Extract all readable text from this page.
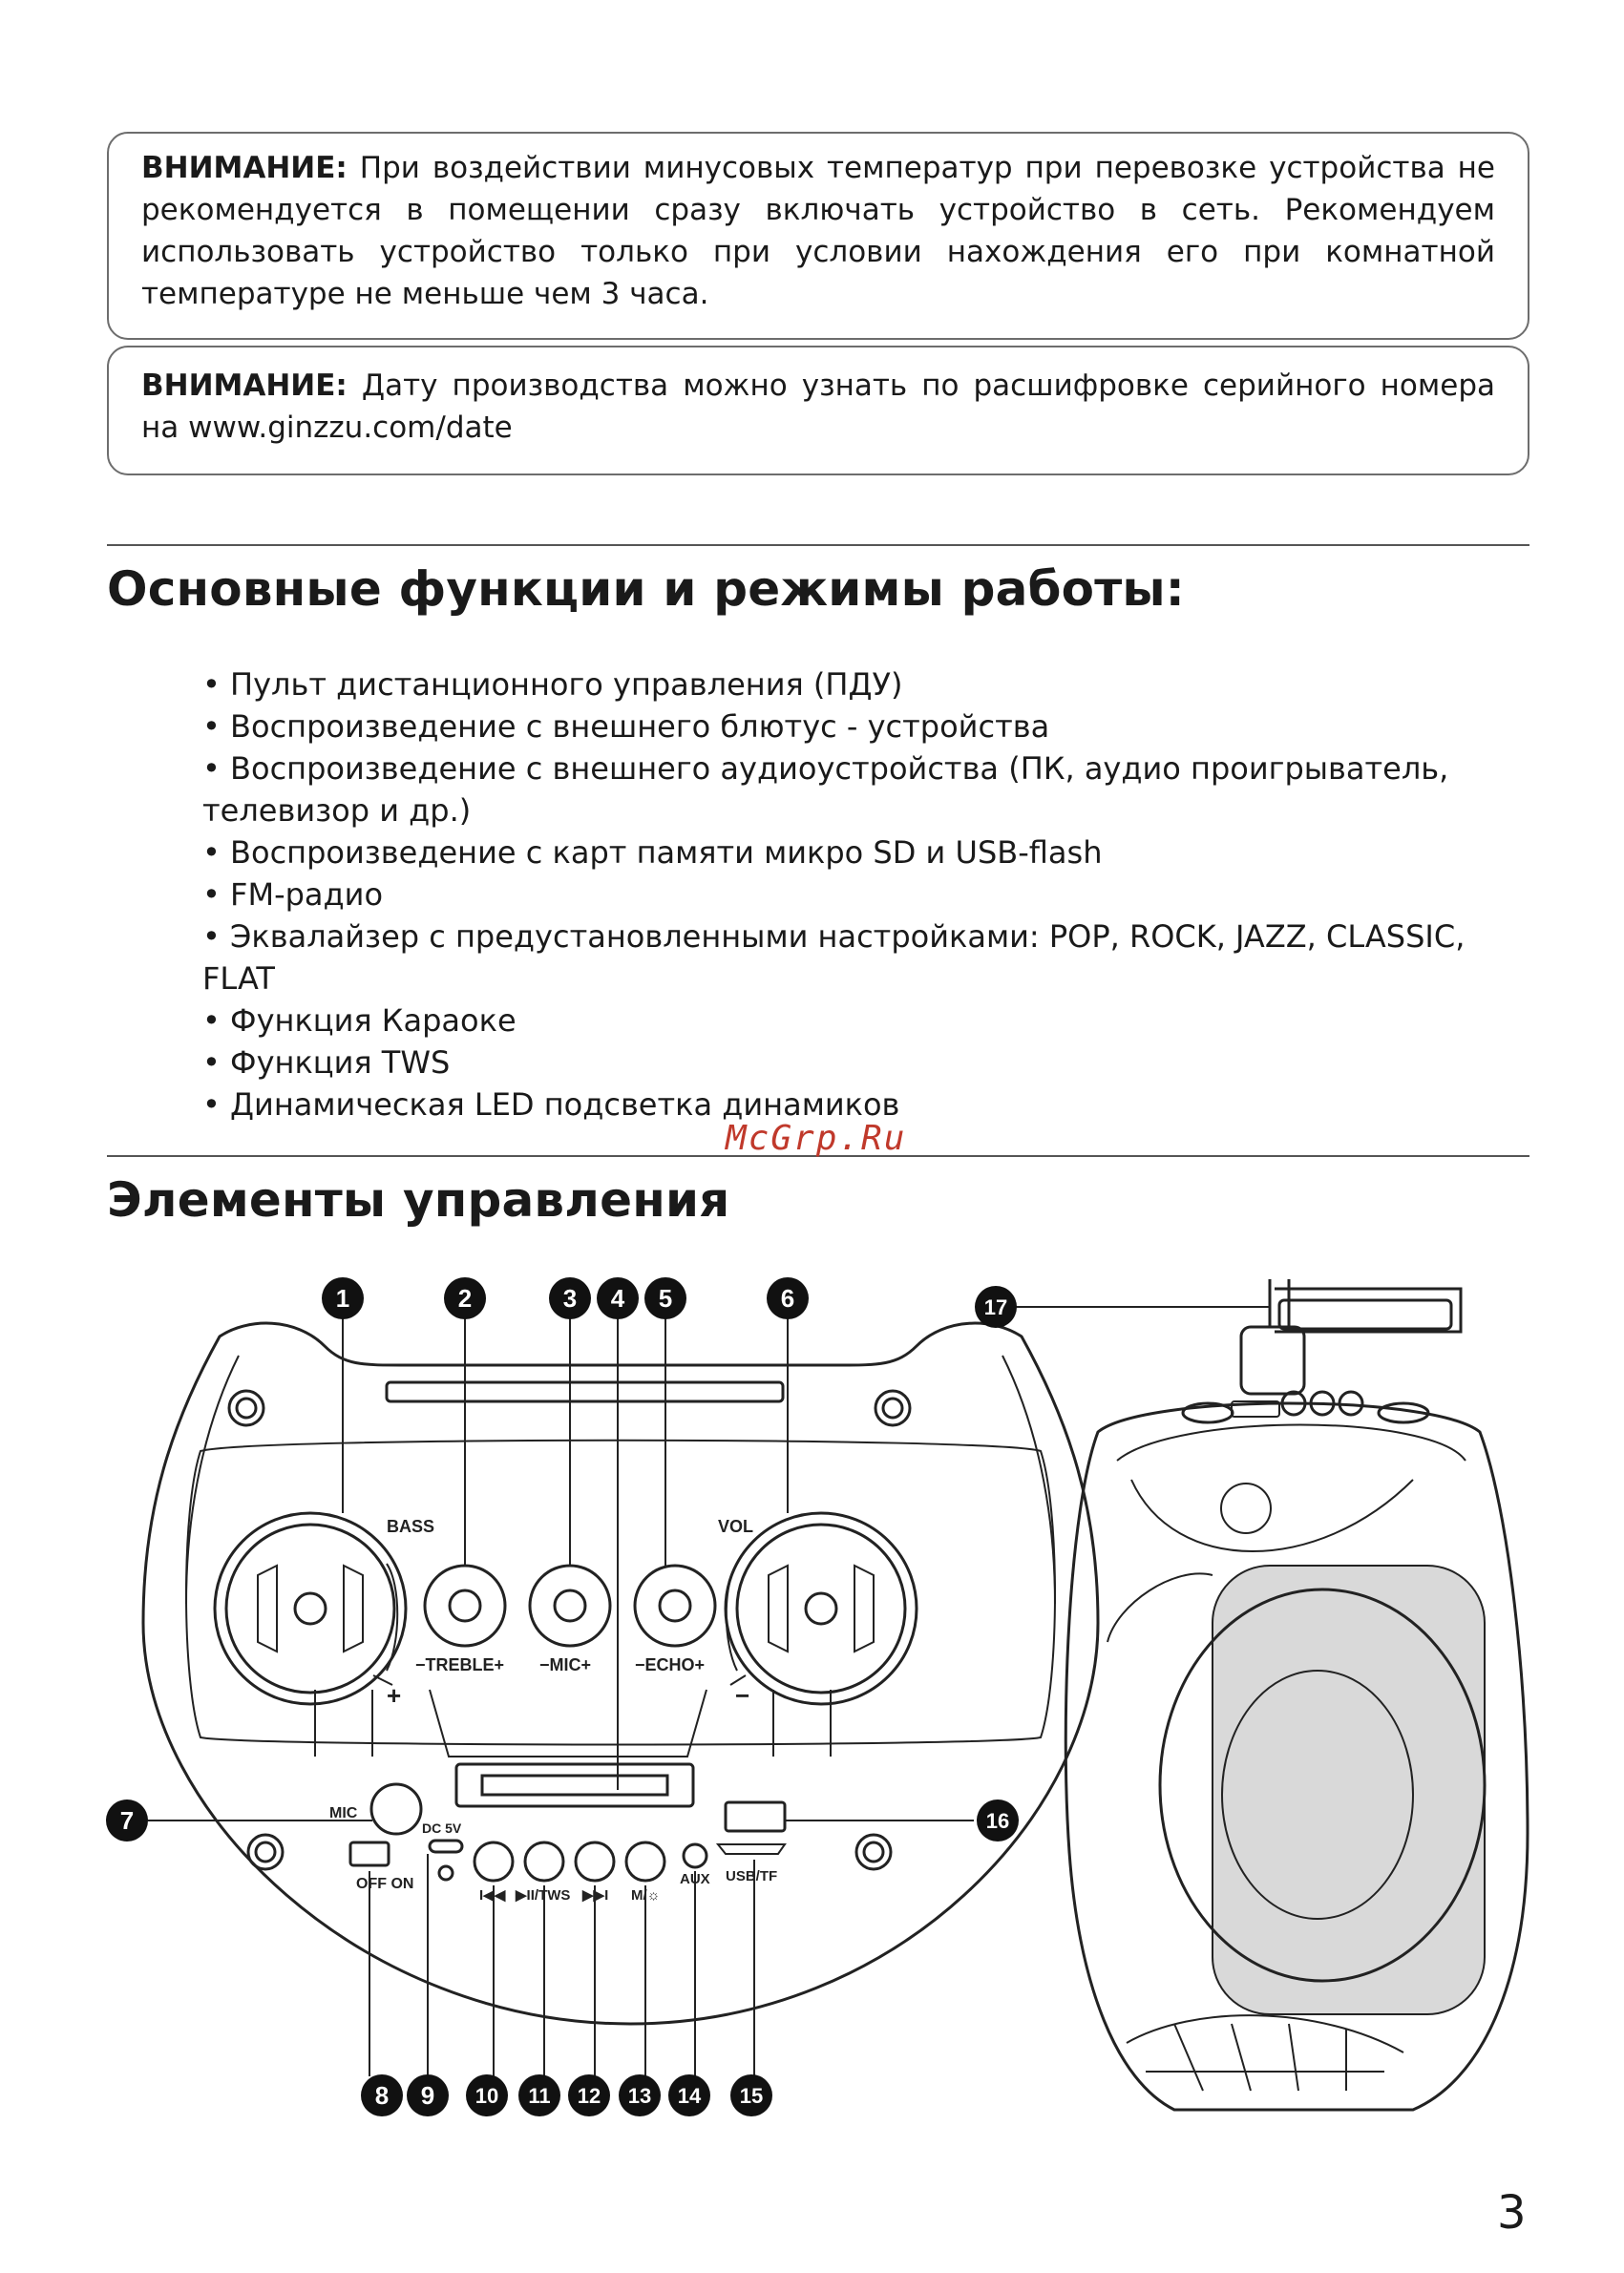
ВНИМАНИЕ: При воздействии минусовых температур при перевозке устройства не рекомендуется в помещении сразу включать устройство в сеть. Рекомендуем использовать устройство только при условии нахождения его при комнатной температуре не меньше чем 3 часа.
ВНИМАНИЕ: Дату производства можно узнать по расшифровке серийного номера на www.ginzzu.com/date
Основные функции и режимы работы:
• Пульт дистанционного управления (ПДУ)
• Воспроизведение с внешнего блютус - устройства
• Воспроизведение с внешнего аудиоустройства (ПК, аудио проигрыватель, телевизор и др.)
• Воспроизведение с карт памяти микро SD и USB-flash
• FM-радио
• Эквалайзер с предустановленными настройками: POP, ROCK, JAZZ, CLASSIC, FLAT
• Функция Караоке
• Функция TWS
• Динамическая LED подсветка динамиков
McGrp.Ru
Элементы управления
BASS	VOL
−TREBLE+ −MIC+	−ECHO+
+	−
MIC
DC 5V
OFF ON
I◀◀ ▶II/TWS ▶▶I M/☼
AUX USB/TF
1	2	3 4 5	6
7
8 9 10 11 12 13 14 15
16
17
3
